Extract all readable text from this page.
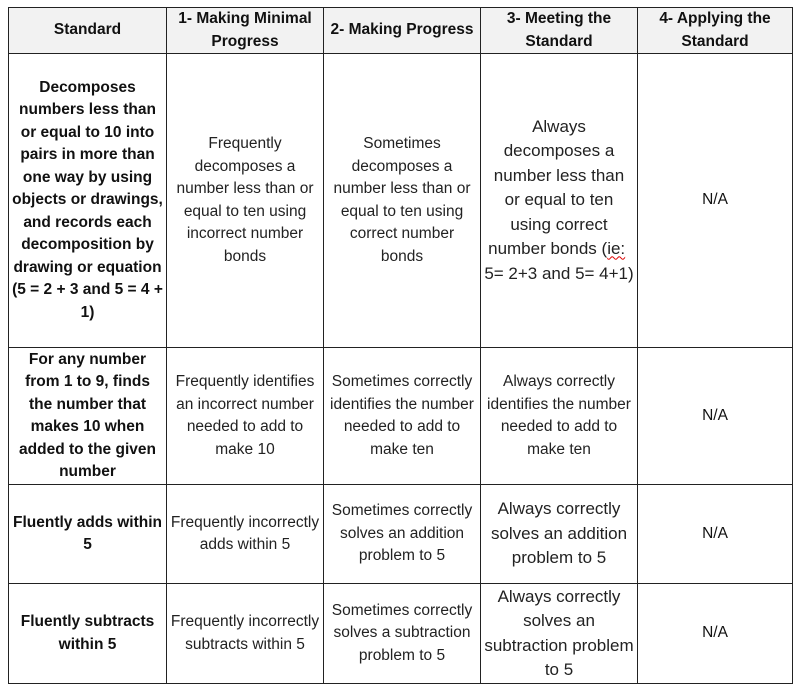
Standard	1- Making Minimal Progress	2- Making Progress	3- Meeting the Standard	4- Applying the Standard
Decomposes numbers less than or equal to 10 into pairs in more than one way by using objects or drawings, and records each decomposition by drawing or equation (5 = 2 + 3 and 5 = 4 + 1)	Frequently decomposes a number less than or equal to ten using incorrect number bonds	Sometimes decomposes a number less than or equal to ten using correct number bonds	Always decomposes a number less than or equal to ten using correct number bonds (ie:  5= 2+3 and 5= 4+1)	N/A
For any number from 1 to 9, finds the number that makes 10 when added to the given number	Frequently identifies an incorrect number needed to add to make 10	Sometimes correctly identifies the number needed to add to make ten	Always correctly identifies the number needed to add to make ten	N/A
Fluently adds within 5	Frequently incorrectly adds within 5	Sometimes correctly solves an addition problem to 5	Always correctly solves an addition problem to 5	N/A
Fluently subtracts within 5	Frequently incorrectly subtracts within 5	Sometimes correctly solves a subtraction problem to 5	Always correctly solves an subtraction problem to 5	N/A
